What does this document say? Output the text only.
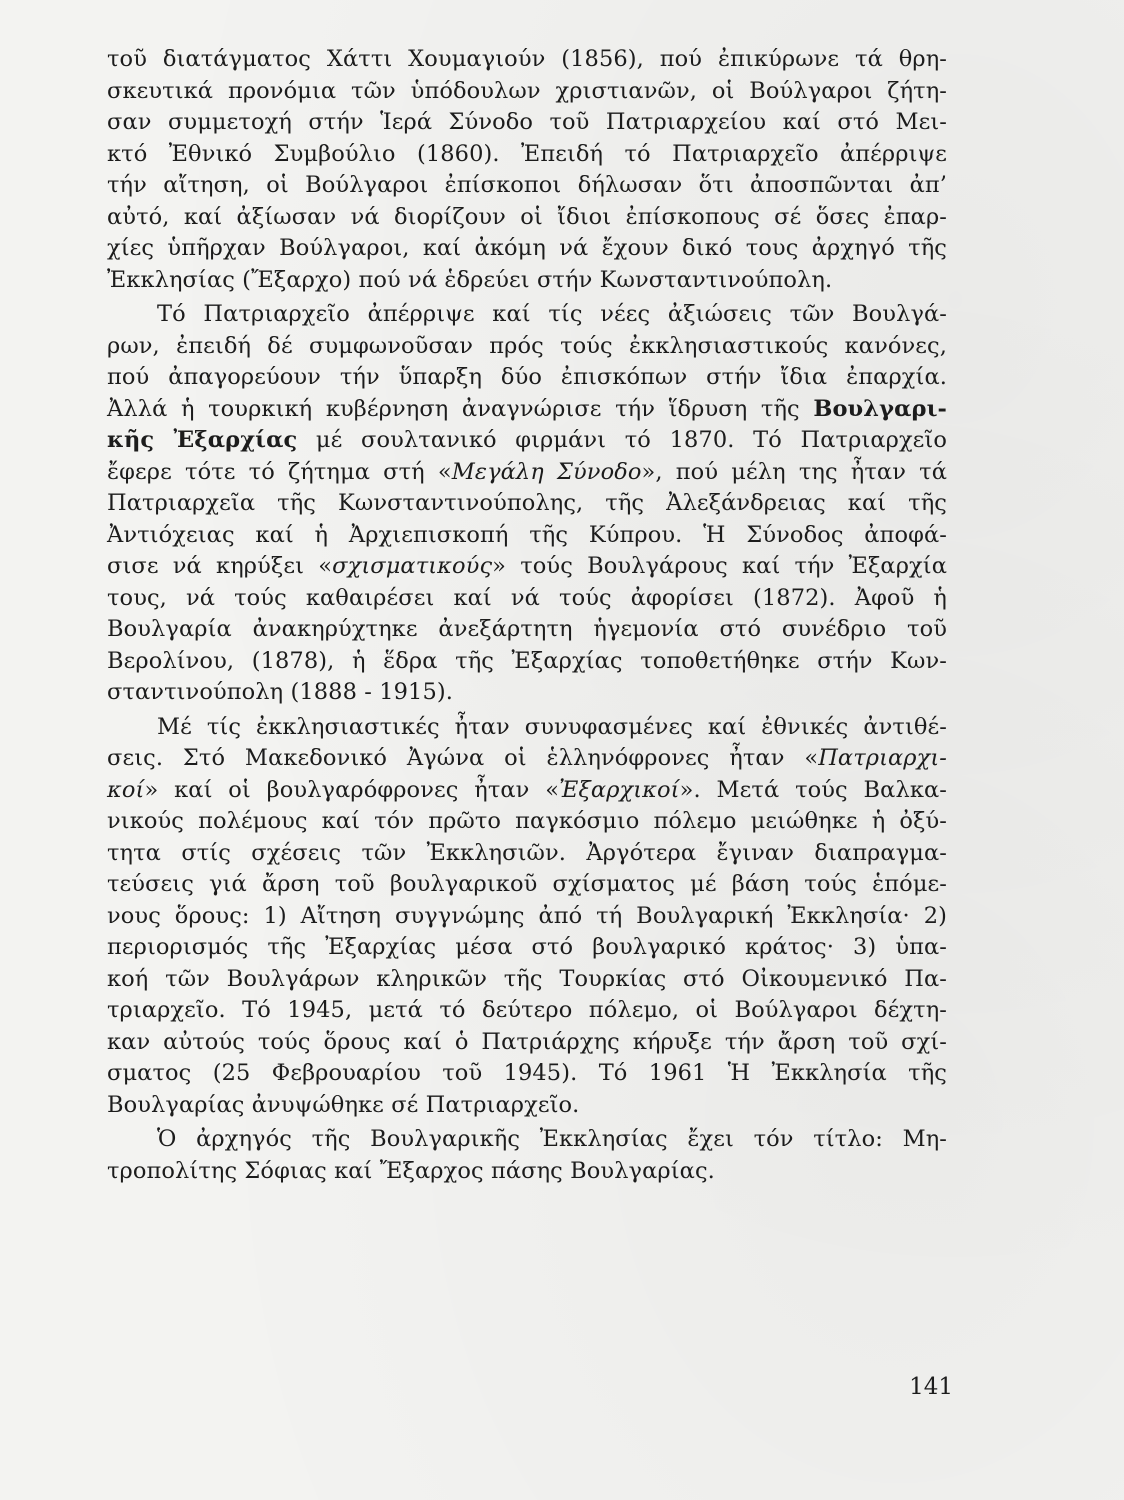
τοῦ διατάγματος Χάττι Χουμαγιούν (1856), πού ἐπικύρωνε τά θρη-
σκευτικά προνόμια τῶν ὑπόδουλων χριστιανῶν, οἱ Βούλγαροι ζήτη-
σαν συμμετοχή στήν Ἱερά Σύνοδο τοῦ Πατριαρχείου καί στό Μει-
κτό Ἐθνικό Συμβούλιο (1860). Ἐπειδή τό Πατριαρχεῖο ἀπέρριψε
τήν αἴτηση, οἱ Βούλγαροι ἐπίσκοποι δήλωσαν ὅτι ἀποσπῶνται ἀπ’
αὐτό, καί ἀξίωσαν νά διορίζουν οἱ ἴδιοι ἐπίσκοπους σέ ὅσες ἐπαρ-
χίες ὑπῆρχαν Βούλγαροι, καί ἀκόμη νά ἔχουν δικό τους ἀρχηγό τῆς
Ἐκκλησίας (Ἔξαρχο) πού νά ἑδρεύει στήν Κωνσταντινούπολη.
Τό Πατριαρχεῖο ἀπέρριψε καί τίς νέες ἀξιώσεις τῶν Βουλγά-
ρων, ἐπειδή δέ συμφωνοῦσαν πρός τούς ἐκκλησιαστικούς κανόνες,
πού ἀπαγορεύουν τήν ὕπαρξη δύο ἐπισκόπων στήν ἴδια ἐπαρχία.
Ἀλλά ἡ τουρκική κυβέρνηση ἀναγνώρισε τήν ἵδρυση τῆς Βουλγαρι-
κῆς Ἐξαρχίας μέ σουλτανικό φιρμάνι τό 1870. Τό Πατριαρχεῖο
ἔφερε τότε τό ζήτημα στή «Μεγάλη Σύνοδο», πού μέλη της ἦταν τά
Πατριαρχεῖα τῆς Κωνσταντινούπολης, τῆς Ἀλεξάνδρειας καί τῆς
Ἀντιόχειας καί ἡ Ἀρχιεπισκοπή τῆς Κύπρου. Ἡ Σύνοδος ἀποφά-
σισε νά κηρύξει «σχισματικούς» τούς Βουλγάρους καί τήν Ἐξαρχία
τους, νά τούς καθαιρέσει καί νά τούς ἀφορίσει (1872). Ἀφοῦ ἡ
Βουλγαρία ἀνακηρύχτηκε ἀνεξάρτητη ἡγεμονία στό συνέδριο τοῦ
Βερολίνου, (1878), ἡ ἕδρα τῆς Ἐξαρχίας τοποθετήθηκε στήν Κων-
σταντινούπολη (1888 - 1915).
Μέ τίς ἐκκλησιαστικές ἦταν συνυφασμένες καί ἐθνικές ἀντιθέ-
σεις. Στό Μακεδονικό Ἀγώνα οἱ ἑλληνόφρονες ἦταν «Πατριαρχι-
κοί» καί οἱ βουλγαρόφρονες ἦταν «Ἐξαρχικοί». Μετά τούς Βαλκα-
νικούς πολέμους καί τόν πρῶτο παγκόσμιο πόλεμο μειώθηκε ἡ ὀξύ-
τητα στίς σχέσεις τῶν Ἐκκλησιῶν. Ἀργότερα ἔγιναν διαπραγμα-
τεύσεις γιά ἄρση τοῦ βουλγαρικοῦ σχίσματος μέ βάση τούς ἑπόμε-
νους ὅρους: 1) Αἴτηση συγγνώμης ἀπό τή Βουλγαρική Ἐκκλησία· 2)
περιορισμός τῆς Ἐξαρχίας μέσα στό βουλγαρικό κράτος· 3) ὑπα-
κοή τῶν Βουλγάρων κληρικῶν τῆς Τουρκίας στό Οἰκουμενικό Πα-
τριαρχεῖο. Τό 1945, μετά τό δεύτερο πόλεμο, οἱ Βούλγαροι δέχτη-
καν αὐτούς τούς ὅρους καί ὁ Πατριάρχης κήρυξε τήν ἄρση τοῦ σχί-
σματος (25 Φεβρουαρίου τοῦ 1945). Τό 1961 Ἡ Ἐκκλησία τῆς
Βουλγαρίας ἀνυψώθηκε σέ Πατριαρχεῖο.
Ὁ ἀρχηγός τῆς Βουλγαρικῆς Ἐκκλησίας ἔχει τόν τίτλο: Μη-
τροπολίτης Σόφιας καί Ἔξαρχος πάσης Βουλγαρίας.
141
